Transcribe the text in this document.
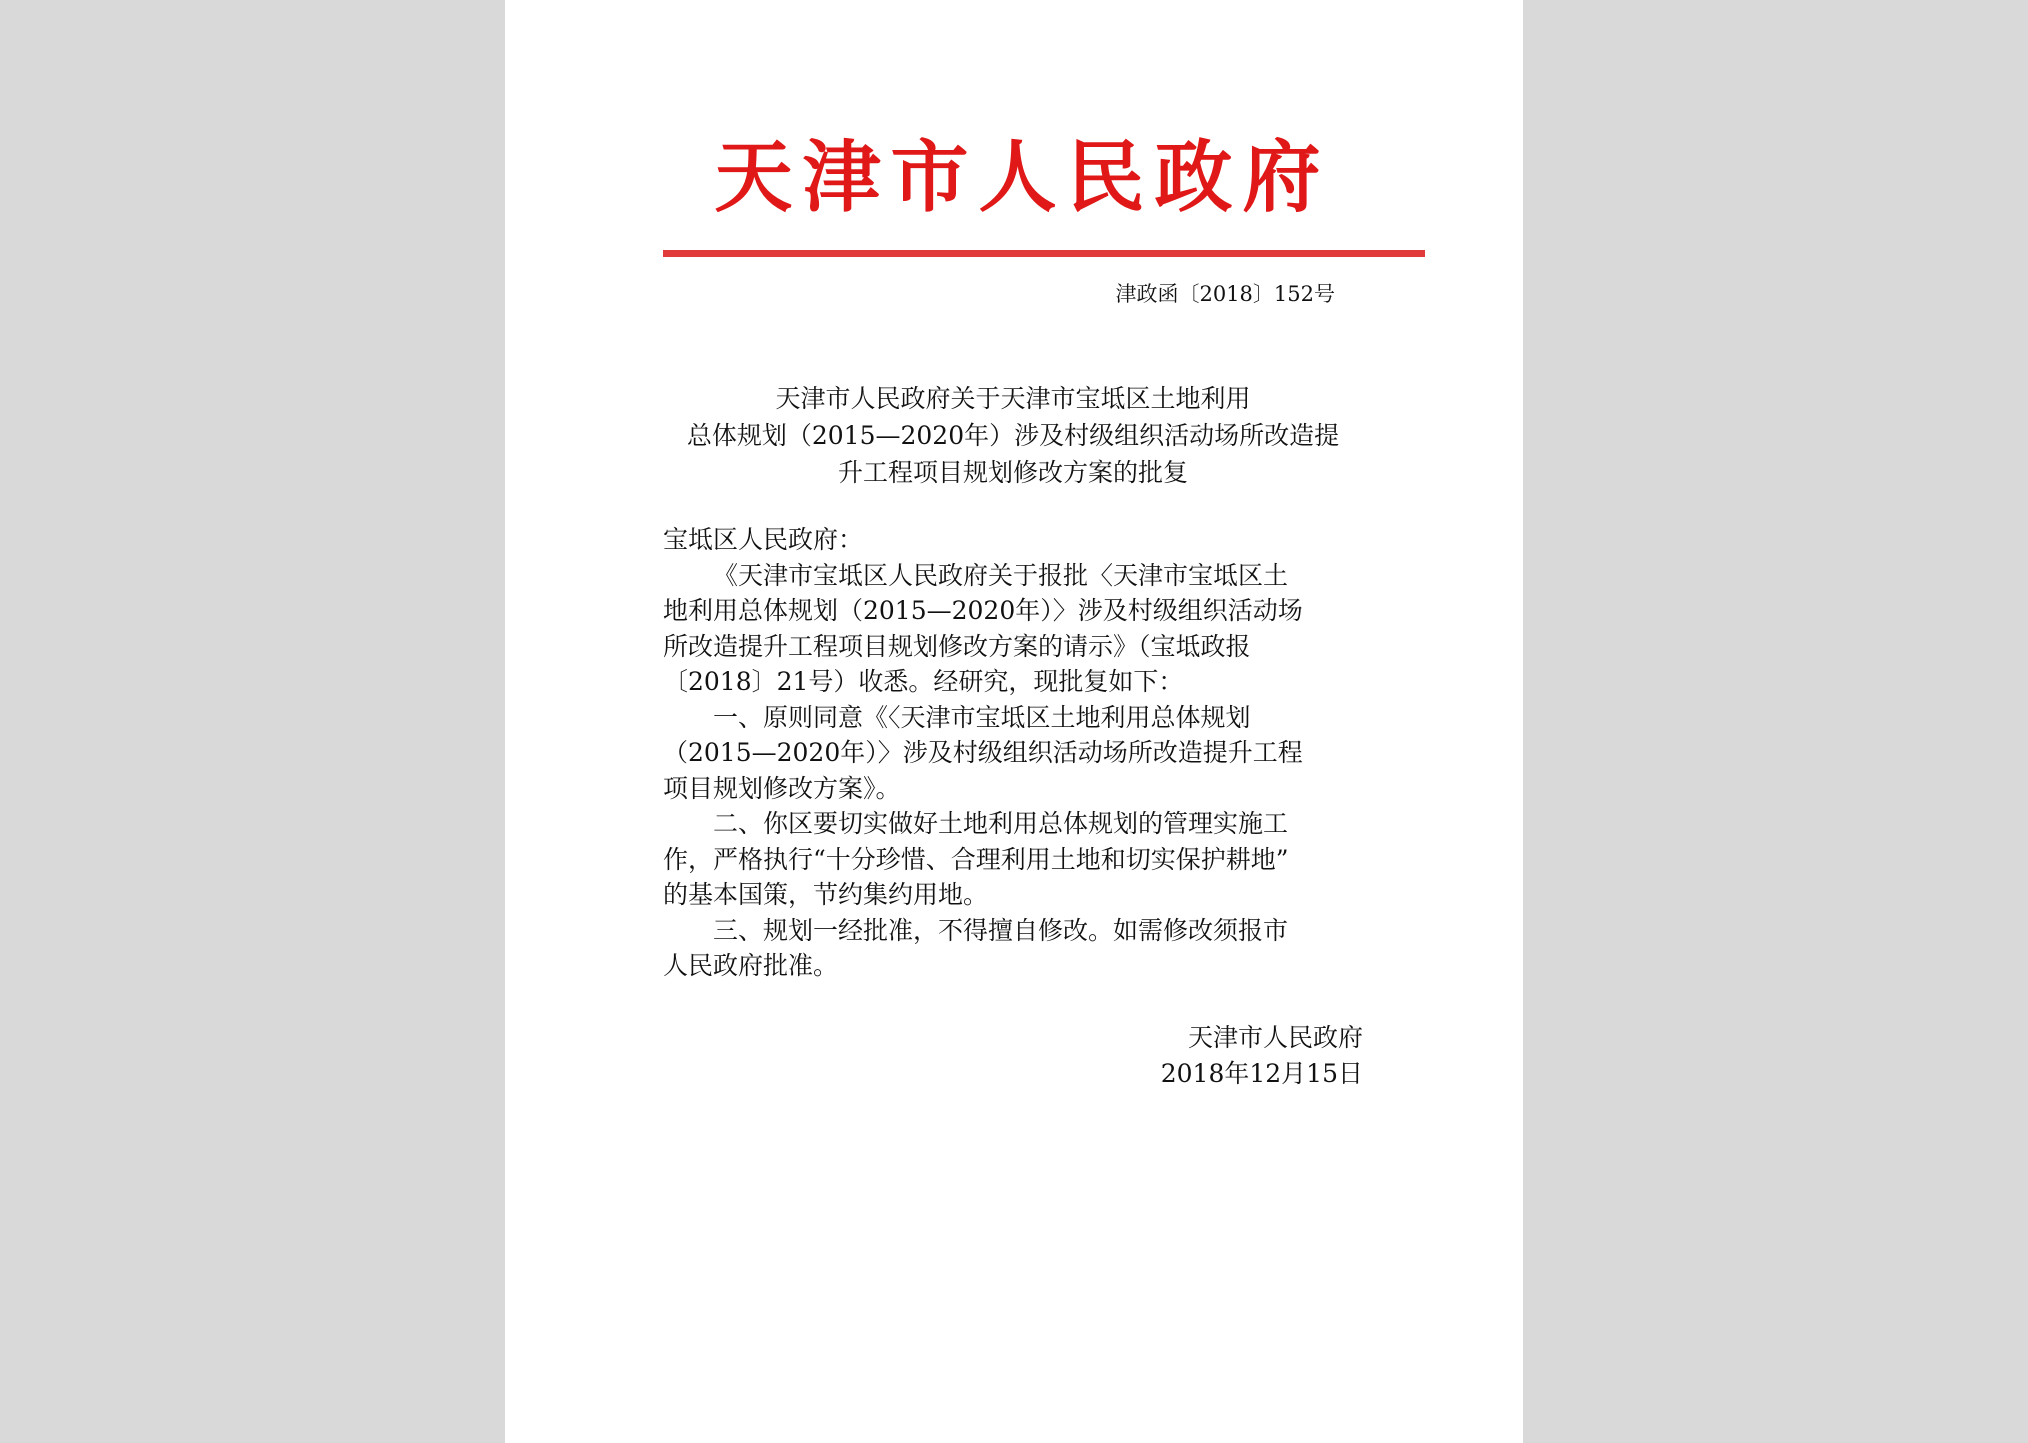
天津市人民政府
津政函〔2018〕152号
天津市人民政府关于天津市宝坻区土地利用
总体规划（2015—2020年）涉及村级组织活动场所改造提
升工程项目规划修改方案的批复

宝坻区人民政府：

《天津市宝坻区人民政府关于报批〈天津市宝坻区土

地利用总体规划（2015—2020年）〉涉及村级组织活动场

所改造提升工程项目规划修改方案的请示》（宝坻政报

〔2018〕21号）收悉。经研究，现批复如下：

一、原则同意《〈天津市宝坻区土地利用总体规划

（2015—2020年）〉涉及村级组织活动场所改造提升工程

项目规划修改方案》。

二、你区要切实做好土地利用总体规划的管理实施工

作，严格执行“十分珍惜、合理利用土地和切实保护耕地”

的基本国策，节约集约用地。

三、规划一经批准，不得擅自修改。如需修改须报市

人民政府批准。

天津市人民政府
2018年12月15日
